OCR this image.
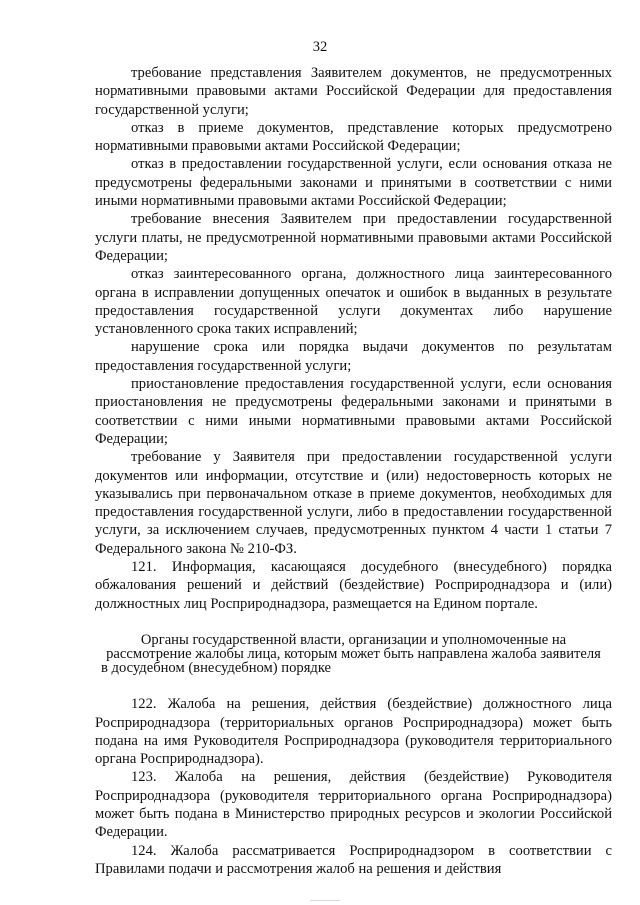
32

требование представления Заявителем документов, не предусмотренных нормативными правовыми актами Российской Федерации для предоставления государственной услуги;

отказ в приеме документов, представление которых предусмотрено нормативными правовыми актами Российской Федерации;

отказ в предоставлении государственной услуги, если основания отказа не предусмотрены федеральными законами и принятыми в соответствии с ними иными нормативными правовыми актами Российской Федерации;

требование внесения Заявителем при предоставлении государственной услуги платы, не предусмотренной нормативными правовыми актами Российской Федерации;

отказ заинтересованного органа, должностного лица заинтересованного органа в исправлении допущенных опечаток и ошибок в выданных в результате предоставления государственной услуги документах либо нарушение установленного срока таких исправлений;

нарушение срока или порядка выдачи документов по результатам предоставления государственной услуги;

приостановление предоставления государственной услуги, если основания приостановления не предусмотрены федеральными законами и принятыми в соответствии с ними иными нормативными правовыми актами Российской Федерации;

требование у Заявителя при предоставлении государственной услуги документов или информации, отсутствие и (или) недостоверность которых не указывались при первоначальном отказе в приеме документов, необходимых для предоставления государственной услуги, либо в предоставлении государственной услуги, за исключением случаев, предусмотренных пунктом 4 части 1 статьи 7 Федерального закона № 210-ФЗ.

121. Информация, касающаяся досудебного (внесудебного) порядка обжалования решений и действий (бездействие) Росприроднадзора и (или) должностных лиц Росприроднадзора, размещается на Едином портале.

Органы государственной власти, организации и уполномоченные на рассмотрение жалобы лица, которым может быть направлена жалоба заявителя в досудебном (внесудебном) порядке

122. Жалоба на решения, действия (бездействие) должностного лица Росприроднадзора (территориальных органов Росприроднадзора) может быть подана на имя Руководителя Росприроднадзора (руководителя территориального органа Росприроднадзора).

123. Жалоба на решения, действия (бездействие) Руководителя Росприроднадзора (руководителя территориального органа Росприроднадзора) может быть подана в Министерство природных ресурсов и экологии Российской Федерации.

124. Жалоба рассматривается Росприроднадзором в соответствии с Правилами подачи и рассмотрения жалоб на решения и действия
